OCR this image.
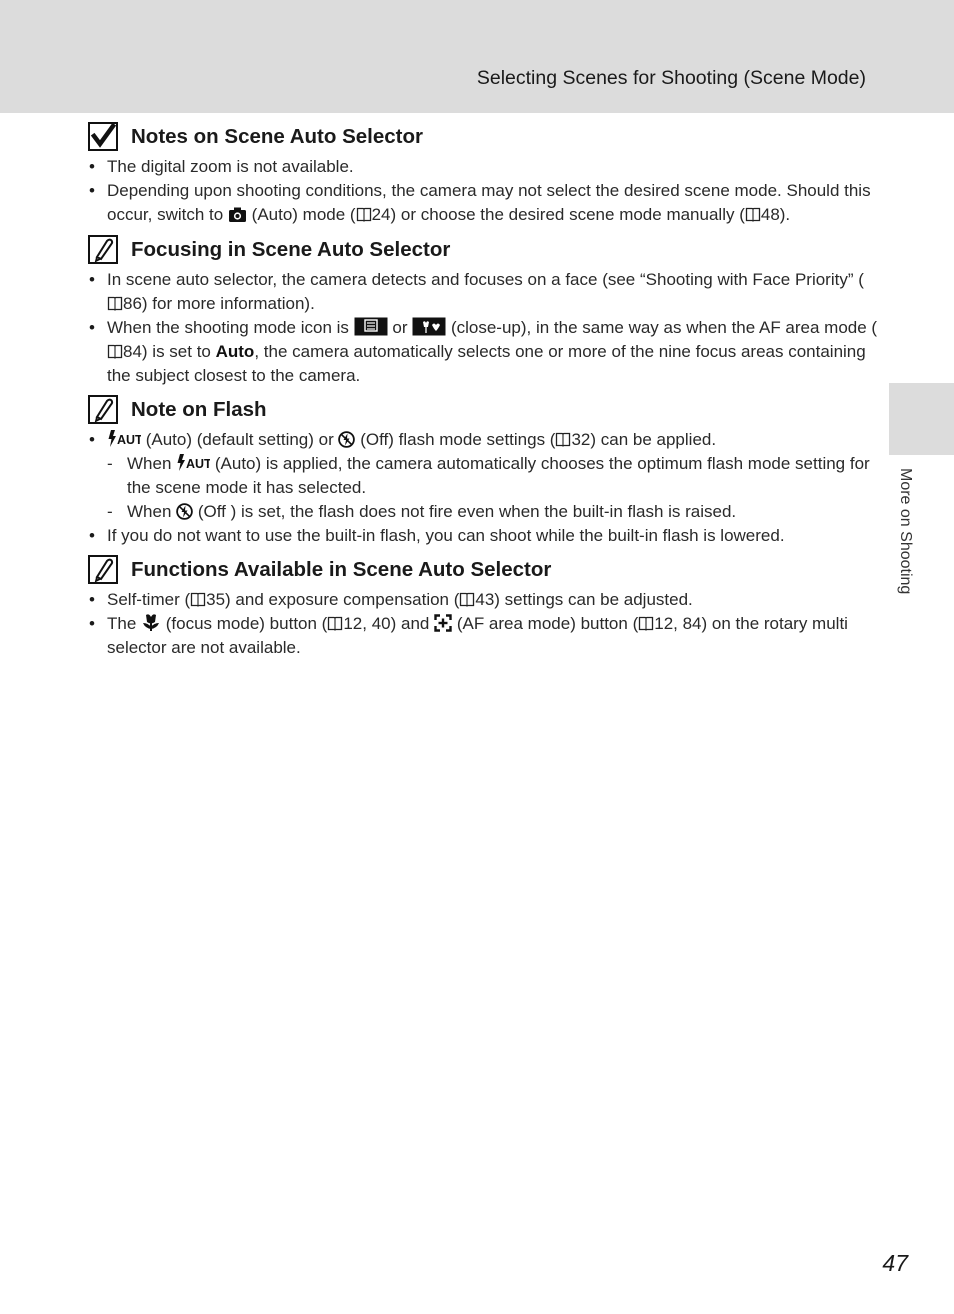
Selecting Scenes for Shooting (Scene Mode)
More on Shooting
Notes on Scene Auto Selector
• The digital zoom is not available.
• Depending upon shooting conditions, the camera may not select the desired scene mode. Should this occur, switch to  (Auto) mode ( 24) or choose the desired scene mode manually ( 48).
Focusing in Scene Auto Selector
• In scene auto selector, the camera detects and focuses on a face (see “Shooting with Face Priority” (86) for more information).
• When the shooting mode icon is  or  (close-up), in the same way as when the AF area mode (84) is set to Auto, the camera automatically selects one or more of the nine focus areas containing the subject closest to the camera.
Note on Flash
•	(Auto) (default setting) or  (Off) flash mode settings ( 32) can be applied.
- When  (Auto) is applied, the camera automatically chooses the optimum flash mode setting for the scene mode it has selected.
- When  (Off ) is set, the flash does not fire even when the built-in flash is raised.
• If you do not want to use the built-in flash, you can shoot while the built-in flash is lowered.
Functions Available in Scene Auto Selector
• Self-timer ( 35) and exposure compensation ( 43) settings can be adjusted.
• The  (focus mode) button ( 12, 40) and  (AF area mode) button ( 12, 84) on the rotary multi selector are not available.
47
